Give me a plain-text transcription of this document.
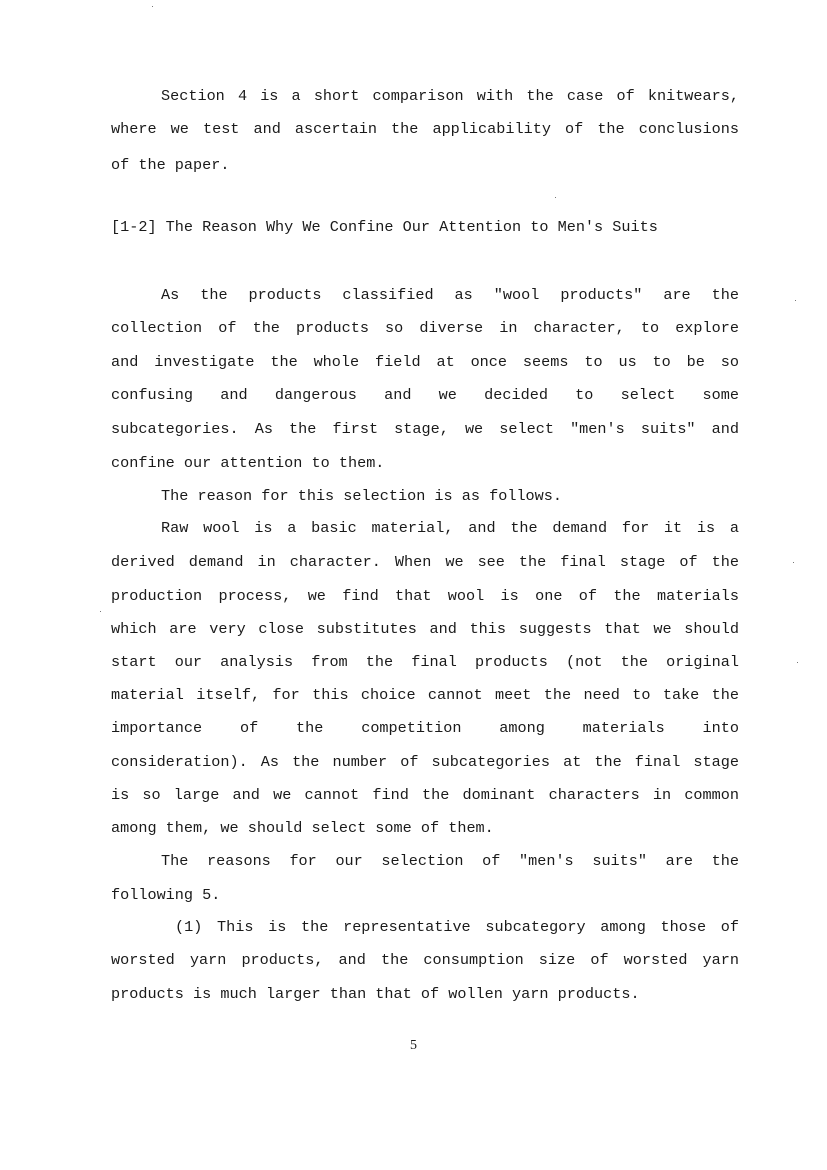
Section 4 is a short comparison with the case of knitwears,
where we test and ascertain the applicability of the conclusions
of the paper.
[1-2] The Reason Why We Confine Our Attention to Men's Suits
As the products classified as "wool products" are the
collection of the products so diverse in character, to explore
and investigate the whole field at once seems to us to be so
confusing and dangerous and we decided to select some
subcategories. As the first stage, we select "men's suits" and
confine our attention to them.
The reason for this selection is as follows.
Raw wool is a basic material, and the demand for it is a
derived demand in character. When we see the final stage of the
production process, we find that wool is one of the materials
which are very close substitutes and this suggests that we should
start our analysis from the final products (not the original
material itself, for this choice cannot meet the need to take the
importance of the competition among materials into
consideration). As the number of subcategories at the final stage
is so large and we cannot find the dominant characters in common
among them, we should select some of them.
The reasons for our selection of "men's suits" are the
following 5.
(1) This is the representative subcategory among those of
worsted yarn products, and the consumption size of worsted yarn
products is much larger than that of wollen yarn products.
5
